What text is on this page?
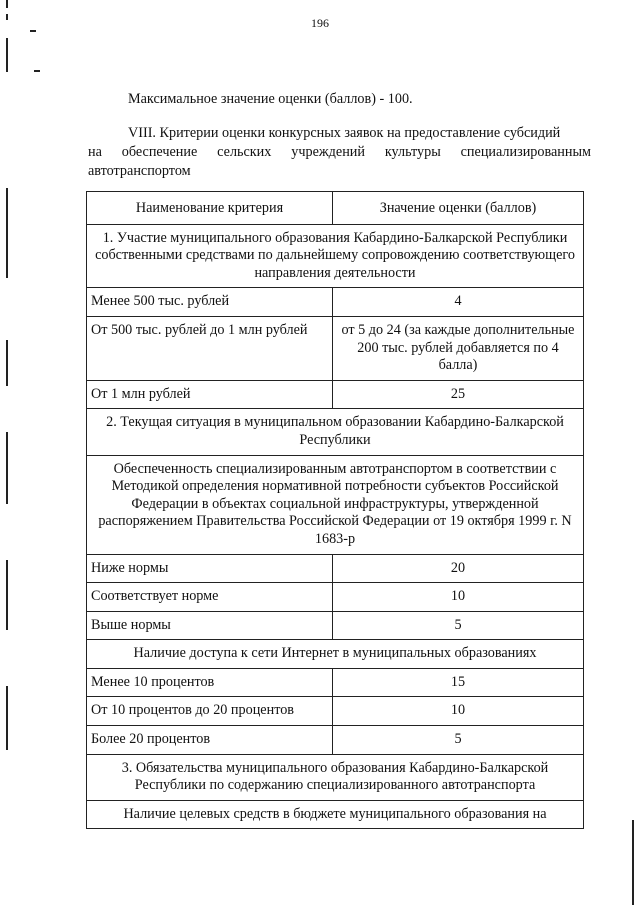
196
Максимальное значение оценки (баллов) - 100.
VIII. Критерии оценки конкурсных заявок на предоставление субсидий
на обеспечение сельских учреждений культуры специализированным автотранспортом
Наименование критерия	Значение оценки (баллов)
1. Участие муниципального образования Кабардино-Балкарской Республики собственными средствами по дальнейшему сопровождению соответствующего направления деятельности	
Менее 500 тыс. рублей	4
От 500 тыс. рублей до 1 млн рублей	от 5 до 24 (за каждые дополнительные 200 тыс. рублей добавляется по 4 балла)
От 1 млн рублей	25
2. Текущая ситуация в муниципальном образовании Кабардино-Балкарской Республики	
Обеспеченность специализированным автотранспортом в соответствии с Методикой определения нормативной потребности субъектов Российской Федерации в объектах социальной инфраструктуры, утвержденной распоряжением Правительства Российской Федерации от 19 октября 1999 г. N 1683-р	
Ниже нормы	20
Соответствует норме	10
Выше нормы	5
Наличие доступа к сети Интернет в муниципальных образованиях	
Менее 10 процентов	15
От 10 процентов до 20 процентов	10
Более 20 процентов	5
3. Обязательства муниципального образования Кабардино-Балкарской Республики по содержанию специализированного автотранспорта	
Наличие целевых средств в бюджете муниципального образования на	
